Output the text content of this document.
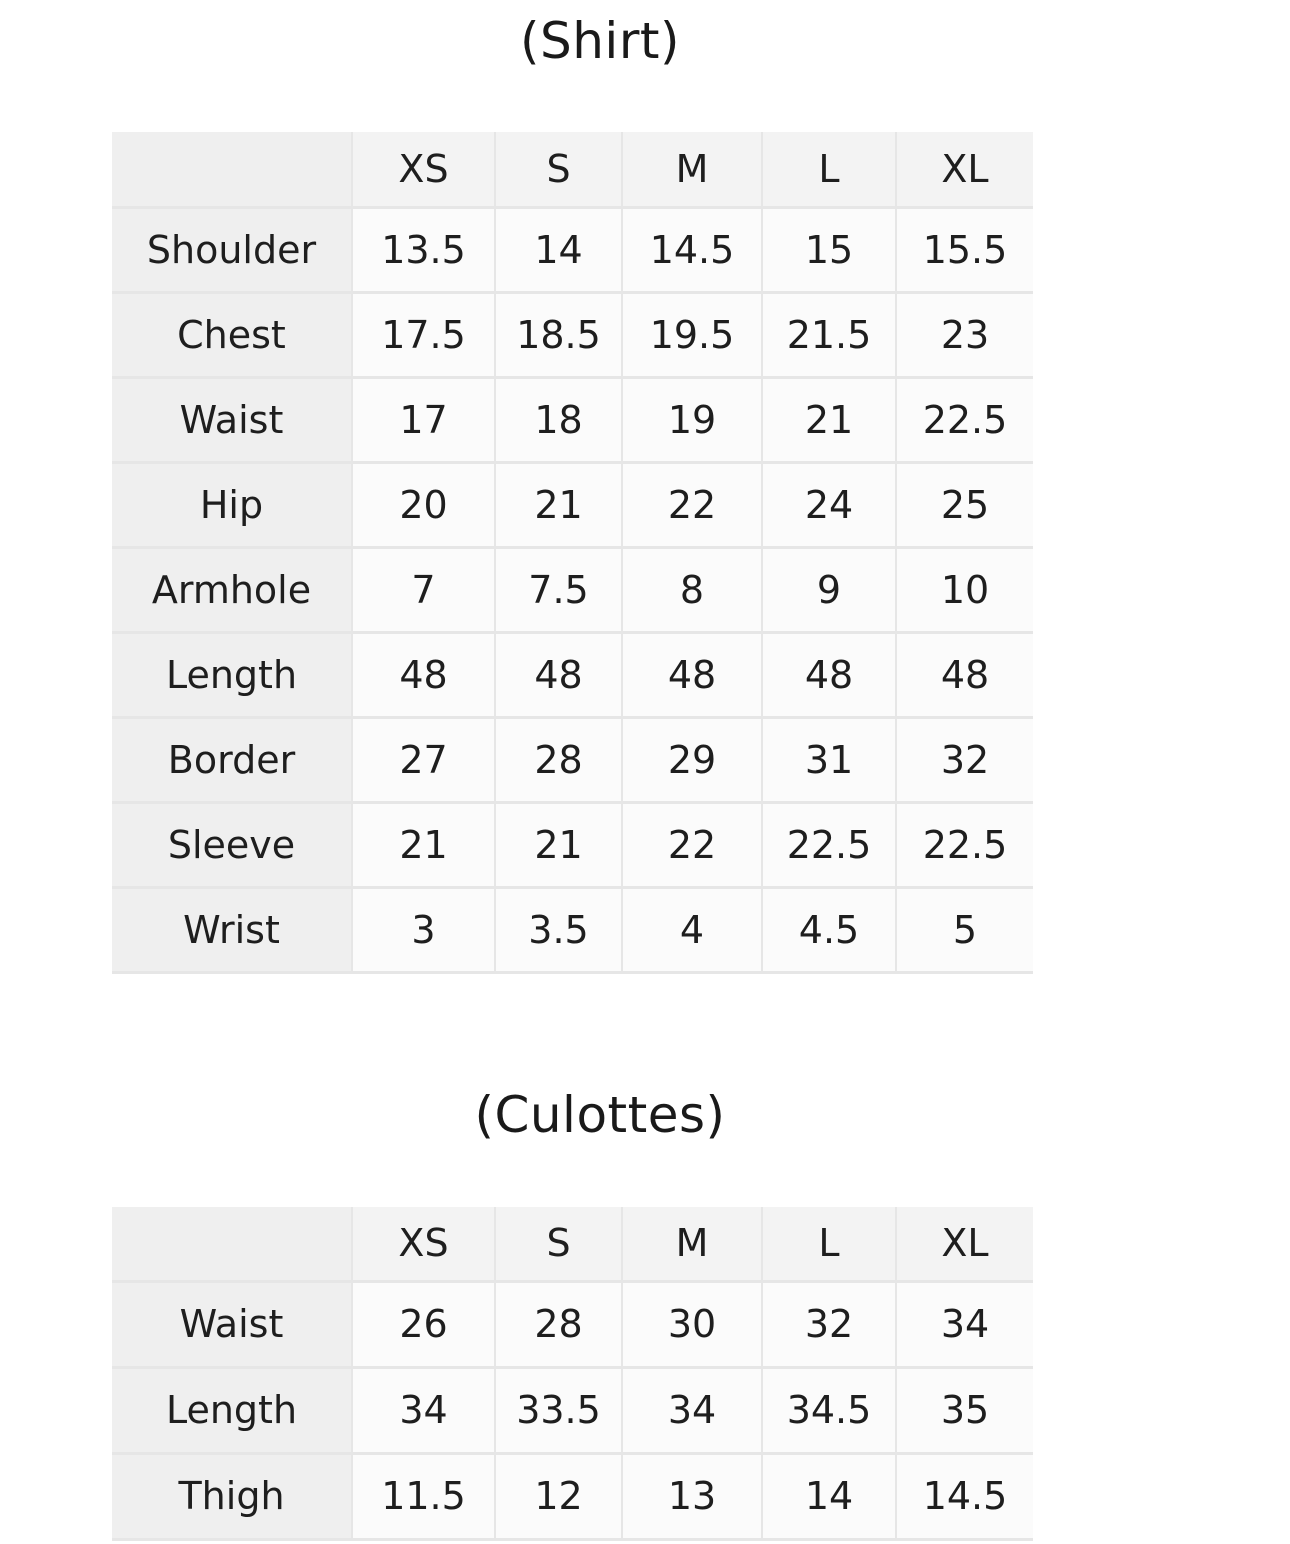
(Shirt)
	XS	S	M	L	XL
Shoulder	13.5	14	14.5	15	15.5
Chest	17.5	18.5	19.5	21.5	23
Waist	17	18	19	21	22.5
Hip	20	21	22	24	25
Armhole	7	7.5	8	9	10
Length	48	48	48	48	48
Border	27	28	29	31	32
Sleeve	21	21	22	22.5	22.5
Wrist	3	3.5	4	4.5	5
(Culottes)
	XS	S	M	L	XL
Waist	26	28	30	32	34
Length	34	33.5	34	34.5	35
Thigh	11.5	12	13	14	14.5
